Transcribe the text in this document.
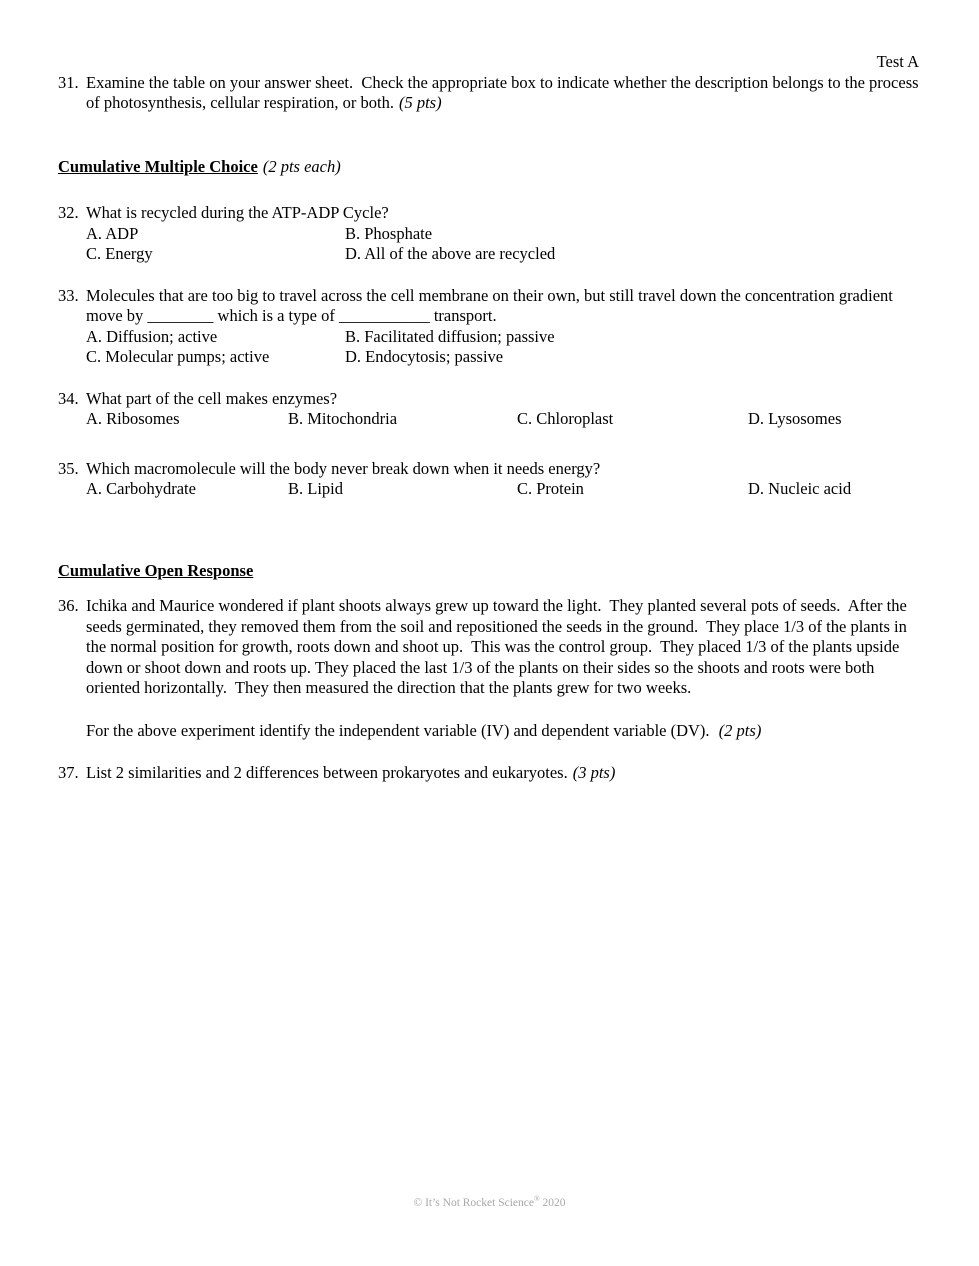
Test A
31. Examine the table on your answer sheet.  Check the appropriate box to indicate whether the description belongs to the process of photosynthesis, cellular respiration, or both. (5 pts)
Cumulative Multiple Choice (2 pts each)
32. What is recycled during the ATP-ADP Cycle?
A. ADP	B. Phosphate
C. Energy	D. All of the above are recycled
33. Molecules that are too big to travel across the cell membrane on their own, but still travel down the concentration gradient move by ________ which is a type of ___________ transport.
A. Diffusion; active	B. Facilitated diffusion; passive
C. Molecular pumps; active	D. Endocytosis; passive
34. What part of the cell makes enzymes?
A. Ribosomes	B. Mitochondria	C. Chloroplast	D. Lysosomes
35. Which macromolecule will the body never break down when it needs energy?
A. Carbohydrate	B. Lipid	C. Protein	D. Nucleic acid
Cumulative Open Response
36. Ichika and Maurice wondered if plant shoots always grew up toward the light.  They planted several pots of seeds.  After the seeds germinated, they removed them from the soil and repositioned the seeds in the ground.  They place 1/3 of the plants in the normal position for growth, roots down and shoot up.  This was the control group.  They placed 1/3 of the plants upside down or shoot down and roots up. They placed the last 1/3 of the plants on their sides so the shoots and roots were both oriented horizontally.  They then measured the direction that the plants grew for two weeks.
For the above experiment identify the independent variable (IV) and dependent variable (DV). (2 pts)
37. List 2 similarities and 2 differences between prokaryotes and eukaryotes. (3 pts)
© It’s Not Rocket Science® 2020
